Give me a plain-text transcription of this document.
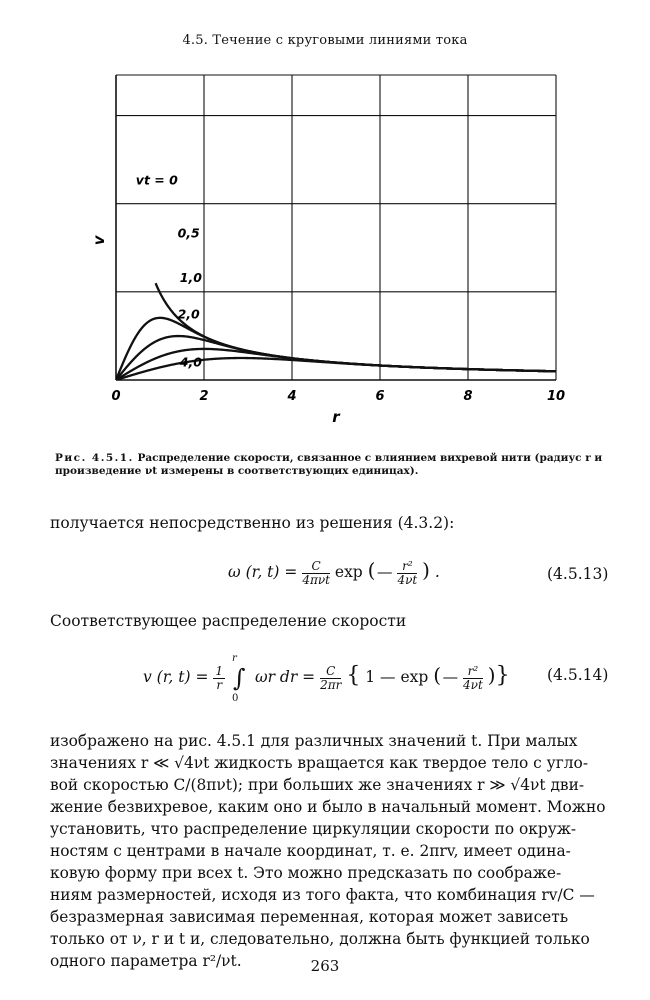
4.5. Течение с круговыми линиями тока
0	2	4	6	8	10
r
v
vt = 0
0,5
1,0
2,0
4,0
Рис. 4.5.1. Распределение скорости, связанное с влиянием вихревой нити (радиус r и произведение νt измерены в соответствующих единицах).
получается непосредственно из решения (4.3.2):
ω (r, $t) = \frac{C}{\text{4πνt}}$ exp ( — $\frac{\text{r²}}{4\nu t}$ ) .	(4.5.13)
Соответствующее распределение скорости
v (r, $t) = \frac{1}{r}$

r
∫
0
ωr dr = $\frac{C}{2\pi r}$ { 1 — exp ( — $\frac{\text{r²}}{4\nu t}$ )} (4.5.14)
изображено на рис. 4.5.1 для различных значений t. При малых
значениях r ≪ √4νt жидкость вращается как твердое тело с угло-
вой скоростью C/(8πνt); при больших же значениях r ≫ √4νt дви-
жение безвихревое, каким оно и было в начальный момент. Можно
установить, что распределение циркуляции скорости по окруж-
ностям с центрами в начале координат, т. е. 2πrv, имеет одина-
ковую форму при всех t. Это можно предсказать по соображе-
ниям размерностей, исходя из того факта, что комбинация rv/C —
безразмерная зависимая переменная, которая может зависеть
только от ν, r и t и, следовательно, должна быть функцией только
одного параметра r²/νt.	263
